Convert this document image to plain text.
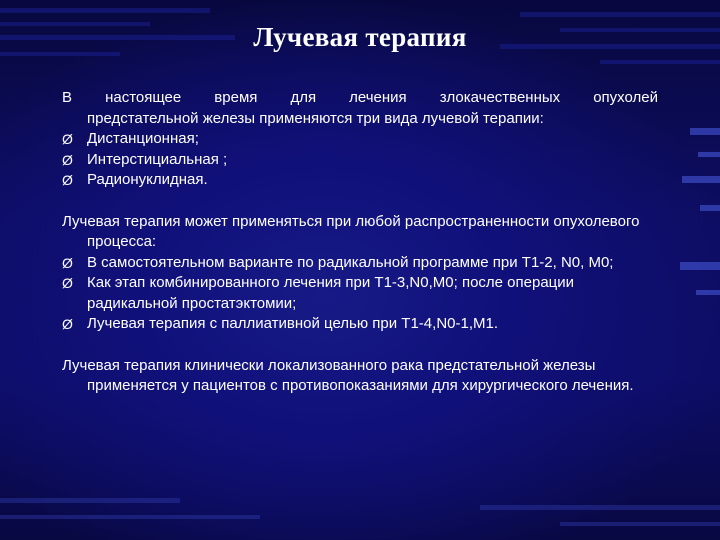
Лучевая терапия

В настоящее время для лечения злокачественных опухолей
предстательной железы применяются три вида лучевой терапии:

Ø Дистанционная;
Ø Интерстициальная ;
Ø Радионуклидная.

Лучевая терапия может применяться при любой распространенности опухолевого процесса:

Ø В самостоятельном варианте по радикальной программе при Т1-2, N0, M0;
Ø Как этап комбинированного лечения при Т1-3,N0,M0; после операции радикальной простатэктомии;
Ø Лучевая терапия с паллиативной целью при Т1-4,N0-1,M1.

Лучевая терапия клинически локализованного рака предстательной железы применяется у пациентов с противопоказаниями для хирургического лечения.
